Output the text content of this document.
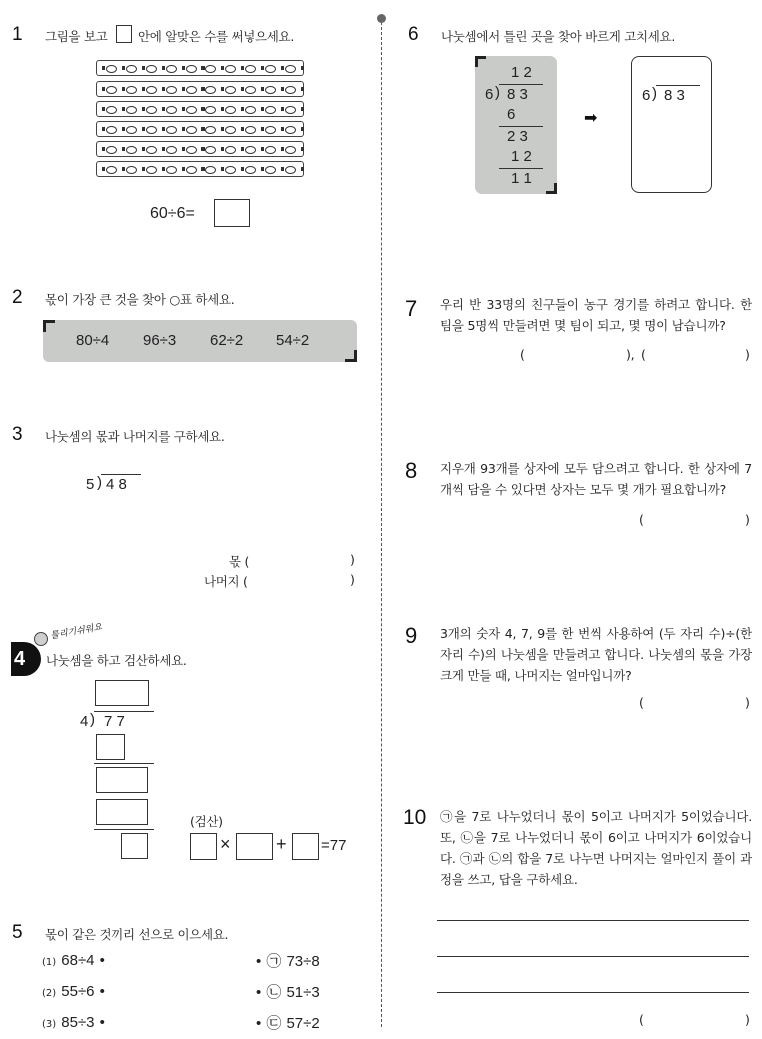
1 그림을 보고 안에 알맞은 수를 써넣으세요.
60÷6=
2 몫이 가장 큰 것을 찾아 ○표 하세요.
80÷4 96÷3 62÷2 54÷2
3 나눗셈의 몫과 나머지를 구하세요.
5 ) 4 8
몫 (	)
나머지 (	)
4
틀리기쉬워요
나눗셈을 하고 검산하세요.
4 ) 7 7
(검산)
×	+ =77
5 몫이 같은 것끼리 선으로 이으세요.
(1) 68÷4 •
(2) 55÷6 •
(3) 85÷3 •
• ㉠ 73÷8
• ㉡ 51÷3
• ㉢ 57÷2
6 나눗셈에서 틀린 곳을 찾아 바르게 고치세요.
1 2
6 ) 8 3
6
2 3
1 2
1 1
➡
6 ) 8 3
7 우리 반 33명의 친구들이 농구 경기를 하려고 합니다. 한 팀을 5명씩 만들려면 몇 팀이 되고, 몇 명이 남습니까?
(	), (	)
8 지우개 93개를 상자에 모두 담으려고 합니다. 한 상자에 7개씩 담을 수 있다면 상자는 모두 몇 개가 필요합니까?
(	)
9 3개의 숫자 4, 7, 9를 한 번씩 사용하여 (두 자리 수)÷(한 자리 수)의 나눗셈을 만들려고 합니다. 나눗셈의 몫을 가장 크게 만들 때, 나머지는 얼마입니까?
(	)
10 ㉠을 7로 나누었더니 몫이 5이고 나머지가 5이었습니다. 또, ㉡을 7로 나누었더니 몫이 6이고 나머지가 6이었습니다. ㉠과 ㉡의 합을 7로 나누면 나머지는 얼마인지 풀이 과정을 쓰고, 답을 구하세요.
(	)
